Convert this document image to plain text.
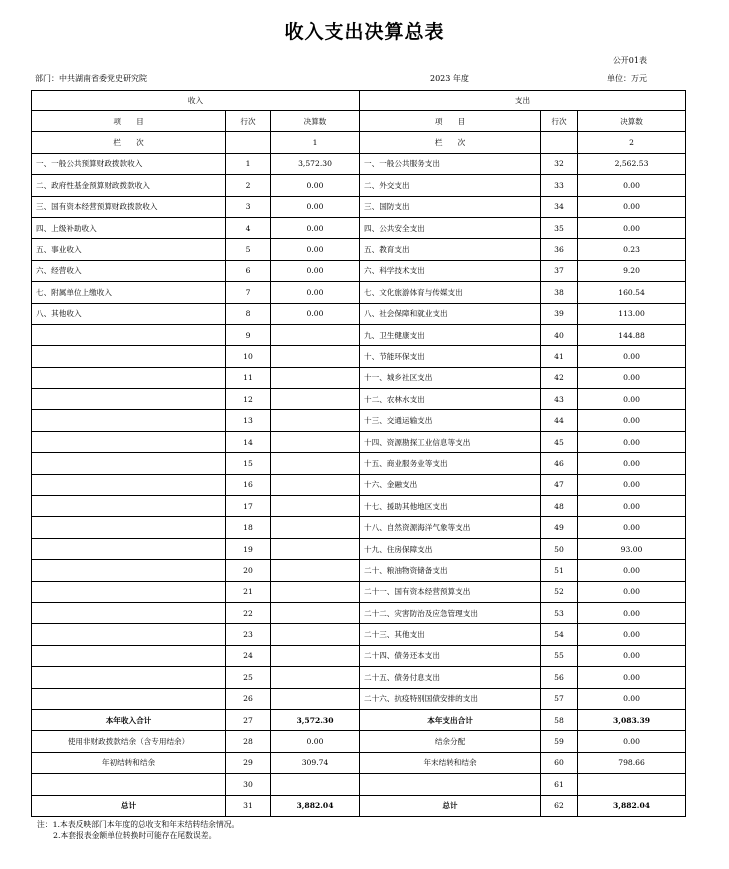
收入支出决算总表
公开01表
部门：中共湖南省委党史研究院	2023 年度	单位：万元
收入			支出		
项　　目	行次	决算数	项　　目	行次	决算数
栏　　次		1	栏　　次		2
一、一般公共预算财政拨款收入	1	3,572.30	一、一般公共服务支出	32	2,562.53
二、政府性基金预算财政拨款收入	2	0.00	二、外交支出	33	0.00
三、国有资本经营预算财政拨款收入	3	0.00	三、国防支出	34	0.00
四、上级补助收入	4	0.00	四、公共安全支出	35	0.00
五、事业收入	5	0.00	五、教育支出	36	0.23
六、经营收入	6	0.00	六、科学技术支出	37	9.20
七、附属单位上缴收入	7	0.00	七、文化旅游体育与传媒支出	38	160.54
八、其他收入	8	0.00	八、社会保障和就业支出	39	113.00
	9		九、卫生健康支出	40	144.88
	10		十、节能环保支出	41	0.00
	11		十一、城乡社区支出	42	0.00
	12		十二、农林水支出	43	0.00
	13		十三、交通运输支出	44	0.00
	14		十四、资源勘探工业信息等支出	45	0.00
	15		十五、商业服务业等支出	46	0.00
	16		十六、金融支出	47	0.00
	17		十七、援助其他地区支出	48	0.00
	18		十八、自然资源海洋气象等支出	49	0.00
	19		十九、住房保障支出	50	93.00
	20		二十、粮油物资储备支出	51	0.00
	21		二十一、国有资本经营预算支出	52	0.00
	22		二十二、灾害防治及应急管理支出	53	0.00
	23		二十三、其他支出	54	0.00
	24		二十四、债务还本支出	55	0.00
	25		二十五、债务付息支出	56	0.00
	26		二十六、抗疫特别国债安排的支出	57	0.00
本年收入合计	27	3,572.30	本年支出合计	58	3,083.39
使用非财政拨款结余（含专用结余）	28	0.00	结余分配	59	0.00
年初结转和结余	29	309.74	年末结转和结余	60	798.66
	30			61	
总计	31	3,882.04	总计	62	3,882.04
注：1.本表反映部门本年度的总收支和年末结转结余情况。
2.本套报表金额单位转换时可能存在尾数误差。
